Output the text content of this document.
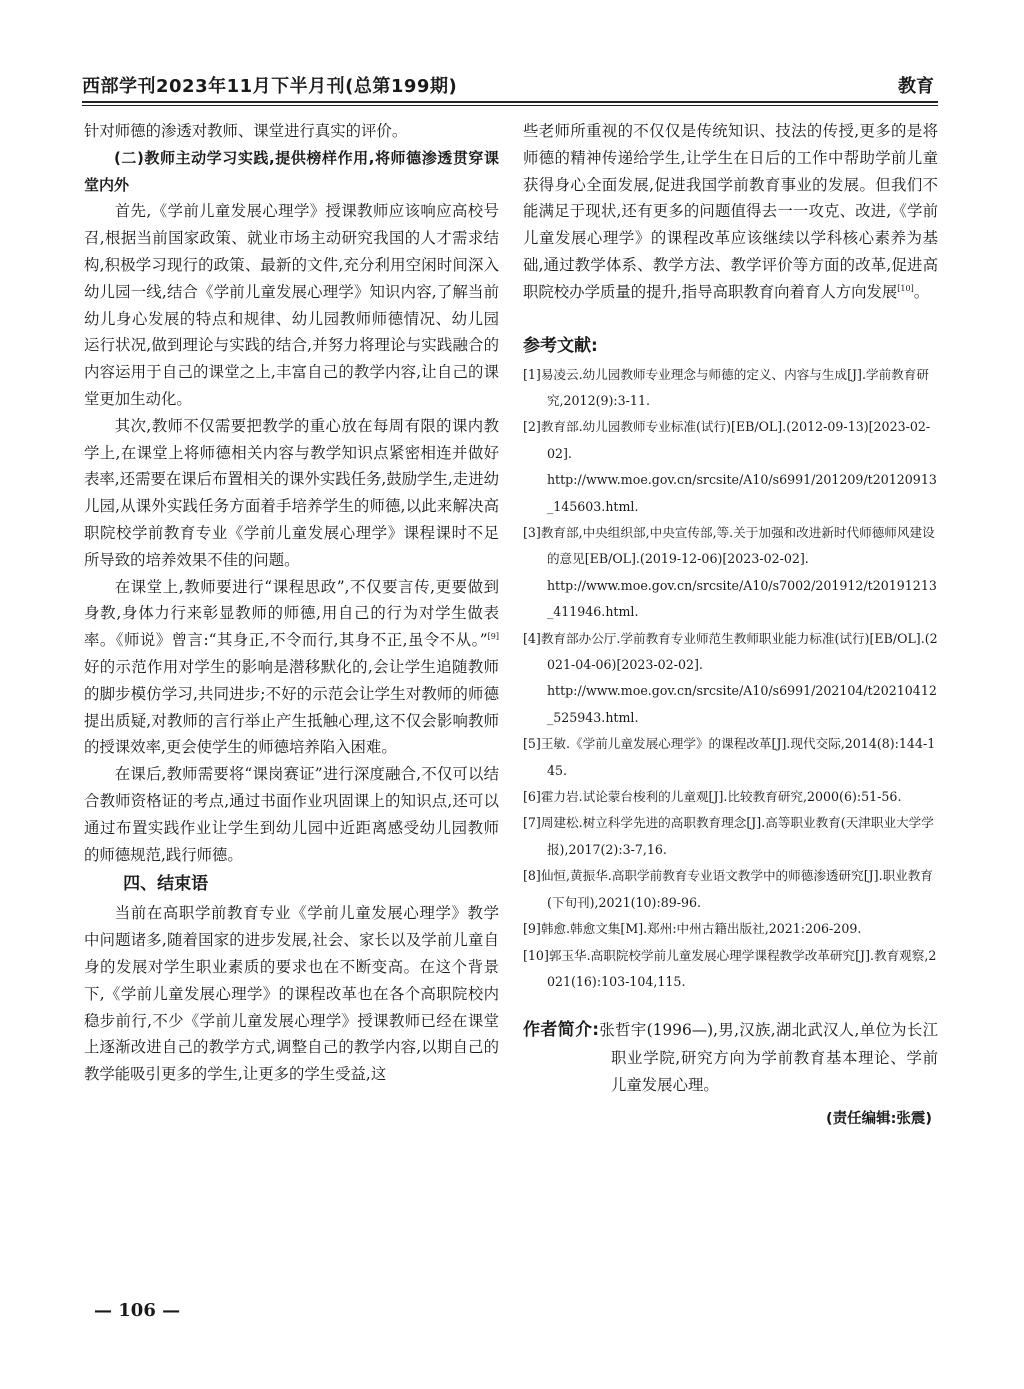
西部学刊2023年11月下半月刊(总第199期)	教育

针对师德的渗透对教师、课堂进行真实的评价。

(二)教师主动学习实践,提供榜样作用,将师德渗透贯穿课堂内外

首先,《学前儿童发展心理学》授课教师应该响应高校号召,根据当前国家政策、就业市场主动研究我国的人才需求结构,积极学习现行的政策、最新的文件,充分利用空闲时间深入幼儿园一线,结合《学前儿童发展心理学》知识内容,了解当前幼儿身心发展的特点和规律、幼儿园教师师德情况、幼儿园运行状况,做到理论与实践的结合,并努力将理论与实践融合的内容运用于自己的课堂之上,丰富自己的教学内容,让自己的课堂更加生动化。

其次,教师不仅需要把教学的重心放在每周有限的课内教学上,在课堂上将师德相关内容与教学知识点紧密相连并做好表率,还需要在课后布置相关的课外实践任务,鼓励学生,走进幼儿园,从课外实践任务方面着手培养学生的师德,以此来解决高职院校学前教育专业《学前儿童发展心理学》课程课时不足所导致的培养效果不佳的问题。

在课堂上,教师要进行“课程思政”,不仅要言传,更要做到身教,身体力行来彰显教师的师德,用自己的行为对学生做表率。《师说》曾言:“其身正,不令而行,其身不正,虽令不从。”[9]好的示范作用对学生的影响是潜移默化的,会让学生追随教师的脚步模仿学习,共同进步;不好的示范会让学生对教师的师德提出质疑,对教师的言行举止产生抵触心理,这不仅会影响教师的授课效率,更会使学生的师德培养陷入困难。

在课后,教师需要将“课岗赛证”进行深度融合,不仅可以结合教师资格证的考点,通过书面作业巩固课上的知识点,还可以通过布置实践作业让学生到幼儿园中近距离感受幼儿园教师的师德规范,践行师德。

四、结束语

当前在高职学前教育专业《学前儿童发展心理学》教学中问题诸多,随着国家的进步发展,社会、家长以及学前儿童自身的发展对学生职业素质的要求也在不断变高。在这个背景下,《学前儿童发展心理学》的课程改革也在各个高职院校内稳步前行,不少《学前儿童发展心理学》授课教师已经在课堂上逐渐改进自己的教学方式,调整自己的教学内容,以期自己的教学能吸引更多的学生,让更多的学生受益,这

些老师所重视的不仅仅是传统知识、技法的传授,更多的是将师德的精神传递给学生,让学生在日后的工作中帮助学前儿童获得身心全面发展,促进我国学前教育事业的发展。但我们不能满足于现状,还有更多的问题值得去一一攻克、改进,《学前儿童发展心理学》的课程改革应该继续以学科核心素养为基础,通过教学体系、教学方法、教学评价等方面的改革,促进高职院校办学质量的提升,指导高职教育向着育人方向发展[10]。

参考文献:

[1]易凌云.幼儿园教师专业理念与师德的定义、内容与生成[J].学前教育研究,2012(9):3-11.

[2]教育部.幼儿园教师专业标准(试行)[EB/OL].(2012-09-13)[2023-02-02].
http://www.moe.gov.cn/srcsite/A10/s6991/201209/t20120913_145603.html.

[3]教育部,中央组织部,中央宣传部,等.关于加强和改进新时代师德师风建设的意见[EB/OL].(2019-12-06)[2023-02-02].
http://www.moe.gov.cn/srcsite/A10/s7002/201912/t20191213_411946.html.

[4]教育部办公厅.学前教育专业师范生教师职业能力标准(试行)[EB/OL].(2021-04-06)[2023-02-02].
http://www.moe.gov.cn/srcsite/A10/s6991/202104/t20210412_525943.html.

[5]王敏.《学前儿童发展心理学》的课程改革[J].现代交际,2014(8):144-145.

[6]霍力岩.试论蒙台梭利的儿童观[J].比较教育研究,2000(6):51-56.

[7]周建松.树立科学先进的高职教育理念[J].高等职业教育(天津职业大学学报),2017(2):3-7,16.

[8]仙恒,黄振华.高职学前教育专业语文教学中的师德渗透研究[J].职业教育(下旬刊),2021(10):89-96.

[9]韩愈.韩愈文集[M].郑州:中州古籍出版社,2021:206-209.

[10]郭玉华.高职院校学前儿童发展心理学课程教学改革研究[J].教育观察,2021(16):103-104,115.

作者简介:张哲宇(1996—),男,汉族,湖北武汉人,单位为长江职业学院,研究方向为学前教育基本理论、学前儿童发展心理。
(责任编辑:张震)
— 106 —
